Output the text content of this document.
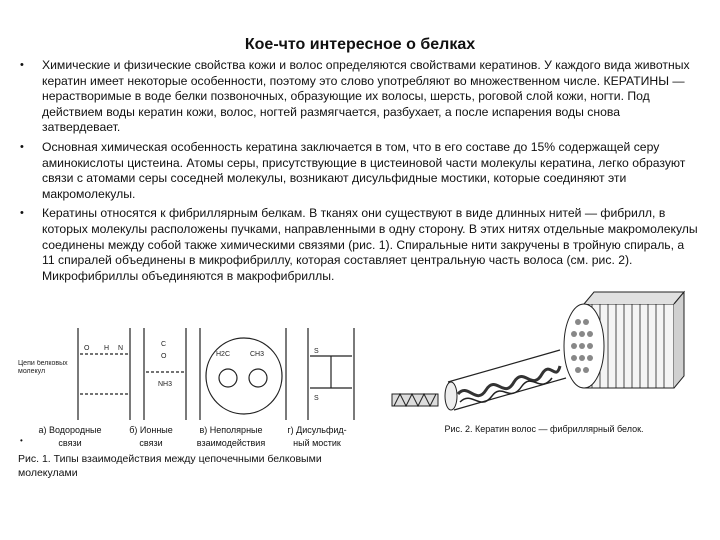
Кое-что интересное о белках
• Химические и физические свойства кожи и волос определяются свойствами кератинов. У каждого вида животных кератин имеет некоторые особенности, поэтому это слово употребляют во множественном числе. КЕРАТИНЫ — нерастворимые в воде белки позвоночных, образующие их волосы, шерсть, роговой слой кожи, ногти. Под действием воды кератин кожи, волос, ногтей размягчается, разбухает, а после испарения воды снова затвердевает.
• Основная химическая особенность кератина заключается в том, что в его составе до 15% содержащей серу аминокислоты цистеина. Атомы серы, присутствующие в цистеиновой части молекулы кератина, легко образуют связи с атомами серы соседней молекулы, возникают дисульфидные мостики, которые соединяют эти макромолекулы.
• Кератины относятся к фибриллярным белкам. В тканях они существуют в виде длинных нитей — фибрилл, в которых молекулы расположены пучками, направленными в одну сторону. В этих нитях отдельные макромолекулы соединены между собой также химическими связями (рис. 1). Спиральные нити закручены в тройную спираль, а 11 спиралей объединены в микрофибриллу, которая составляет центральную часть волоса (см. рис. 2). Микрофибриллы объединяются в макрофибриллы.
O H N
C
O
NH3
S
S
H2C	CH3
Цепи белковых молекул
а) Водородные
связи
б) Ионные
связи
в) Неполярные
взаимодействия
г) Дисульфид-
ный мостик
•
Рис. 1. Типы взаимодействия между цепочечными белковыми молекулами
Рис. 2. Кератин волос — фибриллярный белок.
